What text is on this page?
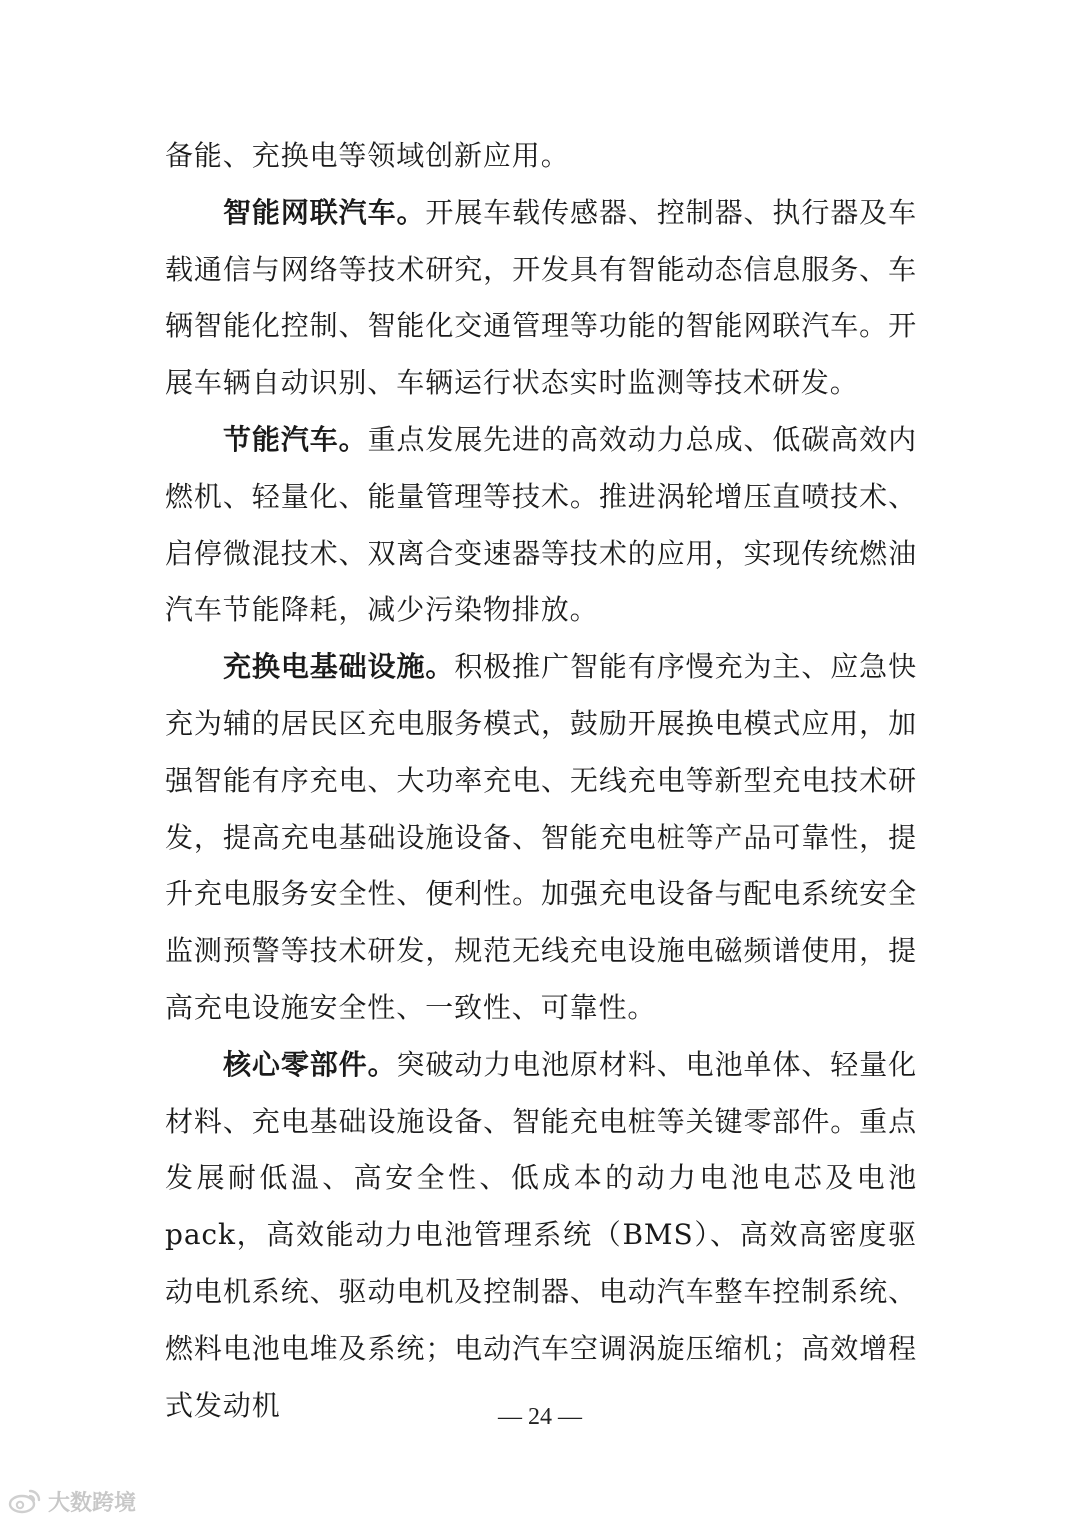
备能、充换电等领域创新应用。

智能网联汽车。开展车载传感器、控制器、执行器及车载通信与网络等技术研究，开发具有智能动态信息服务、车辆智能化控制、智能化交通管理等功能的智能网联汽车。开展车辆自动识别、车辆运行状态实时监测等技术研发。

节能汽车。重点发展先进的高效动力总成、低碳高效内燃机、轻量化、能量管理等技术。推进涡轮增压直喷技术、启停微混技术、双离合变速器等技术的应用，实现传统燃油汽车节能降耗，减少污染物排放。

充换电基础设施。积极推广智能有序慢充为主、应急快充为辅的居民区充电服务模式，鼓励开展换电模式应用，加强智能有序充电、大功率充电、无线充电等新型充电技术研发，提高充电基础设施设备、智能充电桩等产品可靠性，提升充电服务安全性、便利性。加强充电设备与配电系统安全监测预警等技术研发，规范无线充电设施电磁频谱使用，提高充电设施安全性、一致性、可靠性。

核心零部件。突破动力电池原材料、电池单体、轻量化材料、充电基础设施设备、智能充电桩等关键零部件。重点发展耐低温、高安全性、低成本的动力电池电芯及电池 pack，高效能动力电池管理系统（BMS）、高效高密度驱动电机系统、驱动电机及控制器、电动汽车整车控制系统、燃料电池电堆及系统；电动汽车空调涡旋压缩机；高效增程式发动机	— 24 —
大数跨境
